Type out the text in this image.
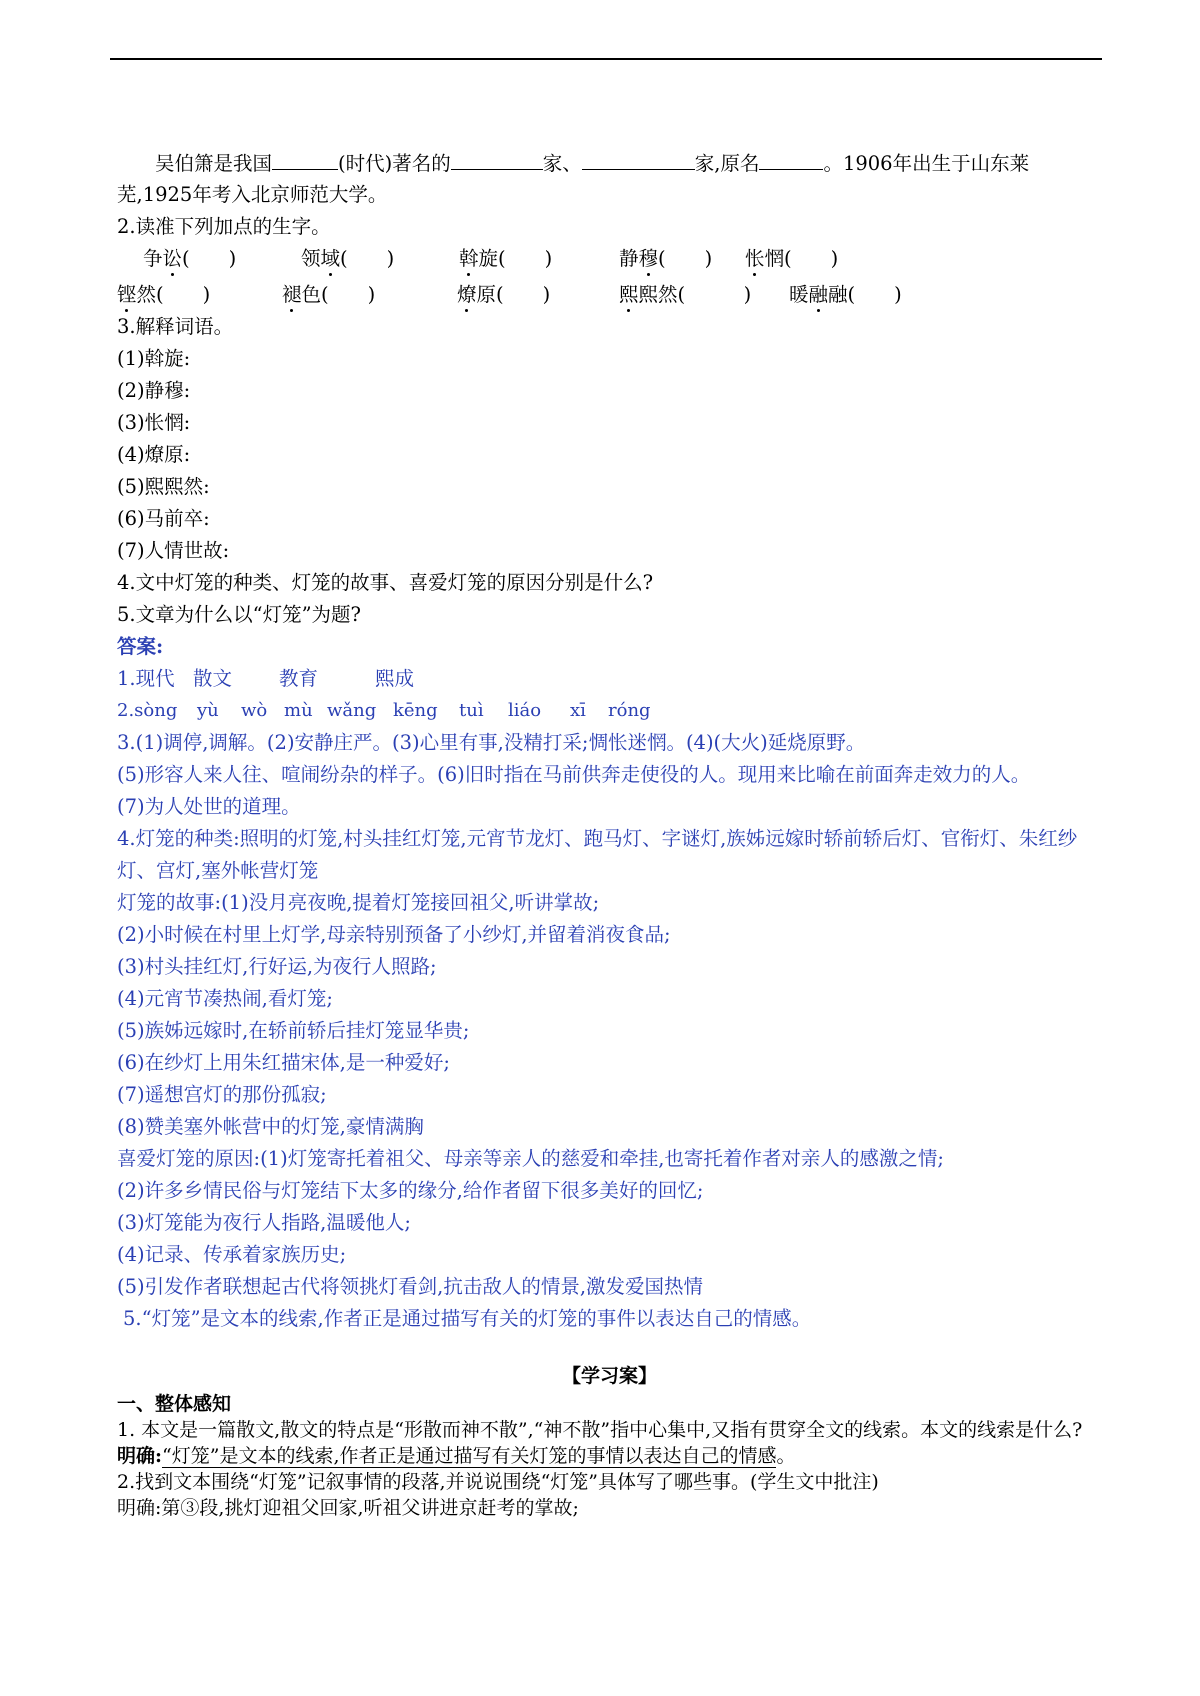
吴伯箫是我国	(时代)著名的	家、	家,原名	。1906年出生于山东莱
芜,1925年考入北京师范大学。
2.读准下列加点的生字。
争讼(　　)	领域(　　)	斡旋(　　)	静穆(　　) 怅惘(　　)
铿然(　　)	褪色(　　)	燎原(　　)	熙熙然(　　　) 暖融融(　　)
3.解释词语。
(1)斡旋:
(2)静穆:
(3)怅惘:
(4)燎原:
(5)熙熙然:
(6)马前卒:
(7)人情世故:
4.文中灯笼的种类、灯笼的故事、喜爱灯笼的原因分别是什么?
5.文章为什么以“灯笼”为题?
答案:
1.现代 散文 教育	熙成
2.sòng yù wò mù wǎng kēng tuì liáo xī róng
3.(1)调停,调解。(2)安静庄严。(3)心里有事,没精打采;惆怅迷惘。(4)(大火)延烧原野。
(5)形容人来人往、喧闹纷杂的样子。(6)旧时指在马前供奔走使役的人。现用来比喻在前面奔走效力的人。
(7)为人处世的道理。
4.灯笼的种类:照明的灯笼,村头挂红灯笼,元宵节龙灯、跑马灯、字谜灯,族姊远嫁时轿前轿后灯、官衔灯、朱红纱灯、宫灯,塞外帐营灯笼
灯笼的故事:(1)没月亮夜晚,提着灯笼接回祖父,听讲掌故;
(2)小时候在村里上灯学,母亲特别预备了小纱灯,并留着消夜食品;
(3)村头挂红灯,行好运,为夜行人照路;
(4)元宵节凑热闹,看灯笼;
(5)族姊远嫁时,在轿前轿后挂灯笼显华贵;
(6)在纱灯上用朱红描宋体,是一种爱好;
(7)遥想宫灯的那份孤寂;
(8)赞美塞外帐营中的灯笼,豪情满胸
喜爱灯笼的原因:(1)灯笼寄托着祖父、母亲等亲人的慈爱和牵挂,也寄托着作者对亲人的感激之情;
(2)许多乡情民俗与灯笼结下太多的缘分,给作者留下很多美好的回忆;
(3)灯笼能为夜行人指路,温暖他人;
(4)记录、传承着家族历史;
(5)引发作者联想起古代将领挑灯看剑,抗击敌人的情景,激发爱国热情
5.“灯笼”是文本的线索,作者正是通过描写有关的灯笼的事件以表达自己的情感。
【学习案】
一、整体感知
1. 本文是一篇散文,散文的特点是“形散而神不散”,“神不散”指中心集中,又指有贯穿全文的线索。本文的线索是什么?
明确:“灯笼”是文本的线索,作者正是通过描写有关灯笼的事情以表达自己的情感。
2.找到文本围绕“灯笼”记叙事情的段落,并说说围绕“灯笼”具体写了哪些事。(学生文中批注)
明确:第③段,挑灯迎祖父回家,听祖父讲进京赶考的掌故;
